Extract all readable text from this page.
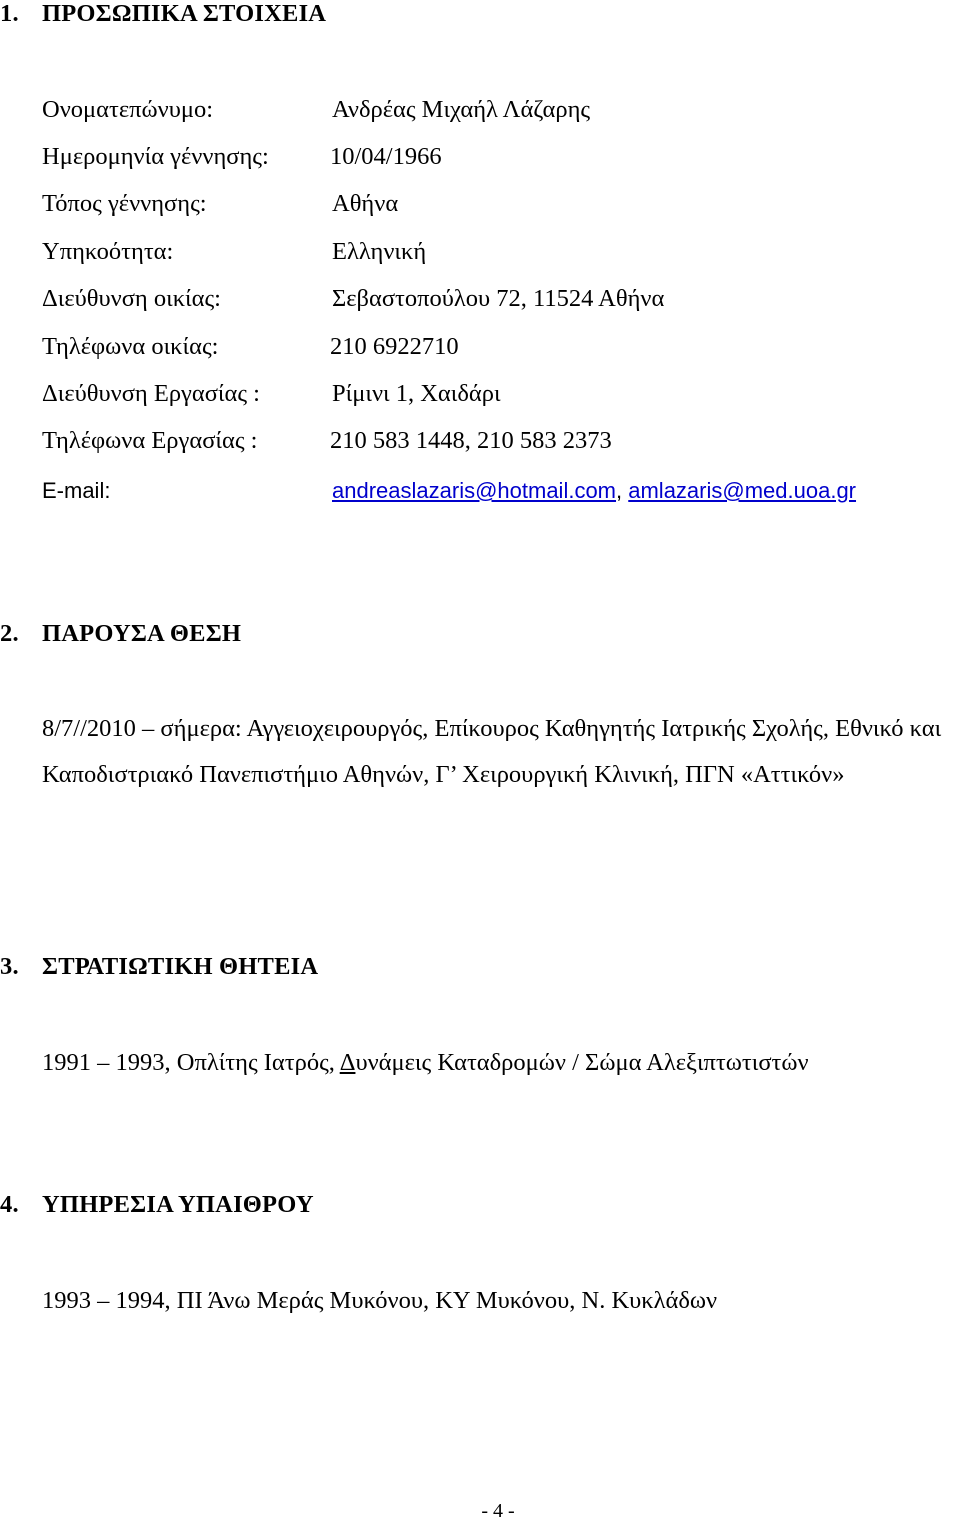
1. ΠΡΟΣΩΠΙΚΑ ΣΤΟΙΧΕΙΑ
Ονοματεπώνυμο:	Ανδρέας Μιχαήλ Λάζαρης
Ημερομηνία γέννησης: 10/04/1966
Τόπος γέννησης:	Αθήνα
Υπηκοότητα:	Ελληνική
Διεύθυνση οικίας:	Σεβαστοπούλου 72, 11524 Αθήνα
Τηλέφωνα οικίας:	210 6922710
Διεύθυνση Εργασίας :	Ρίμινι 1, Χαιδάρι
Τηλέφωνα Εργασίας :	210 583 1448, 210 583 2373
E-mail:	andreaslazaris@hotmail.com, amlazaris@med.uoa.gr
2. ΠΑΡΟΥΣΑ ΘΕΣΗ
8/7//2010 – σήμερα: Αγγειοχειρουργός, Επίκουρος Καθηγητής Ιατρικής Σχολής, Εθνικό και Καποδιστριακό Πανεπιστήμιο Αθηνών, Γ’ Χειρουργική Κλινική, ΠΓΝ «Αττικόν»
3. ΣΤΡΑΤΙΩΤΙΚΗ ΘΗΤΕΙΑ
1991 – 1993, Οπλίτης Ιατρός, Δυνάμεις Καταδρομών / Σώμα Αλεξιπτωτιστών
4. ΥΠΗΡΕΣΙΑ ΥΠΑΙΘΡΟΥ
1993 – 1994, ΠΙ Άνω Μεράς Μυκόνου, ΚΥ Μυκόνου, Ν. Κυκλάδων
- 4 -
